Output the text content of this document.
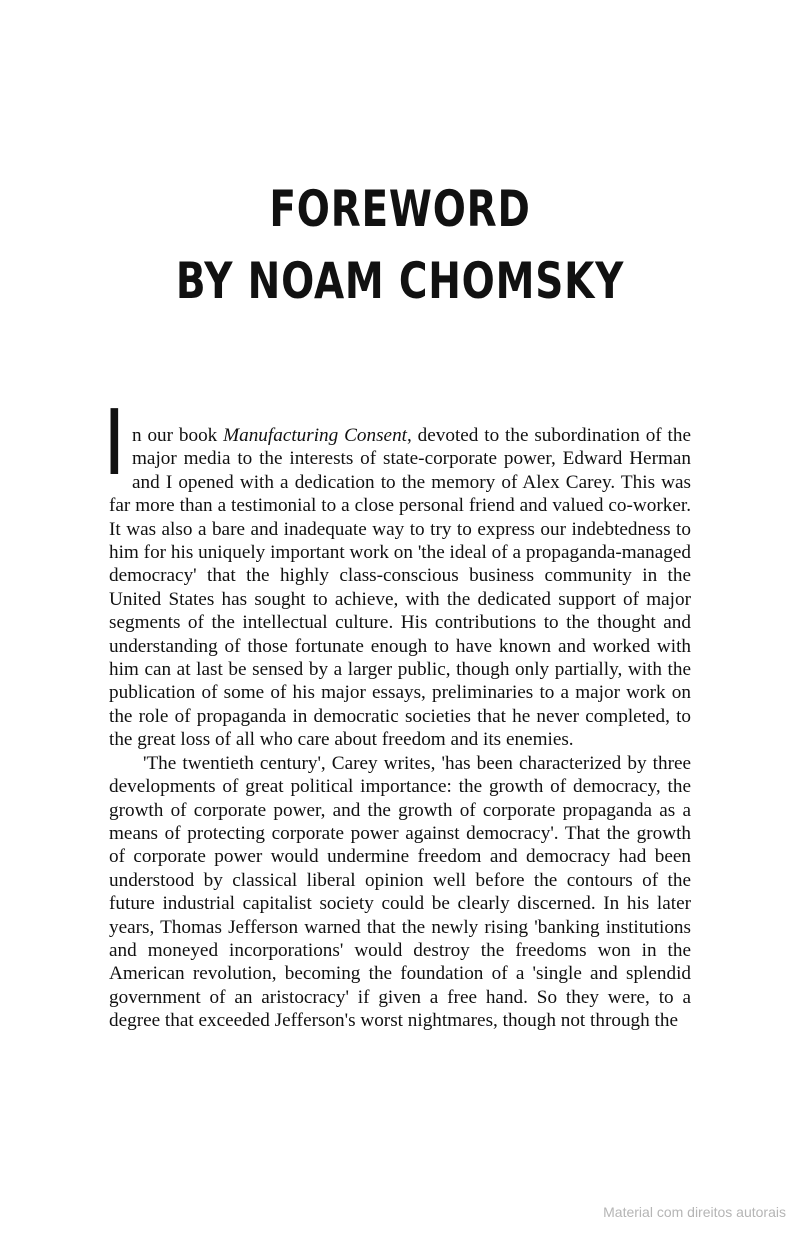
FOREWORD
BY NOAM CHOMSKY

In our book Manufacturing Consent, devoted to the subordination of the major media to the interests of state-corporate power, Edward Herman and I opened with a dedication to the memory of Alex Carey. This was far more than a testimonial to a close personal friend and valued co-worker. It was also a bare and inadequate way to try to express our indebtedness to him for his uniquely important work on 'the ideal of a propaganda-managed democracy' that the highly class-conscious business community in the United States has sought to achieve, with the dedicated support of major segments of the intellectual culture. His contributions to the thought and understanding of those fortunate enough to have known and worked with him can at last be sensed by a larger public, though only partially, with the publication of some of his major essays, preliminaries to a major work on the role of propaganda in democratic societies that he never completed, to the great loss of all who care about freedom and its enemies.

'The twentieth century', Carey writes, 'has been characterized by three developments of great political importance: the growth of democracy, the growth of corporate power, and the growth of corporate propaganda as a means of protecting corporate power against democracy'. That the growth of corporate power would undermine freedom and democracy had been understood by classical liberal opinion well before the contours of the future industrial capitalist society could be clearly discerned. In his later years, Thomas Jefferson warned that the newly rising 'banking institutions and moneyed incorporations' would destroy the freedoms won in the American revolution, becoming the foundation of a 'single and splendid government of an aristocracy' if given a free hand. So they were, to a degree that exceeded Jefferson's worst nightmares, though not through the

Material com direitos autorais
